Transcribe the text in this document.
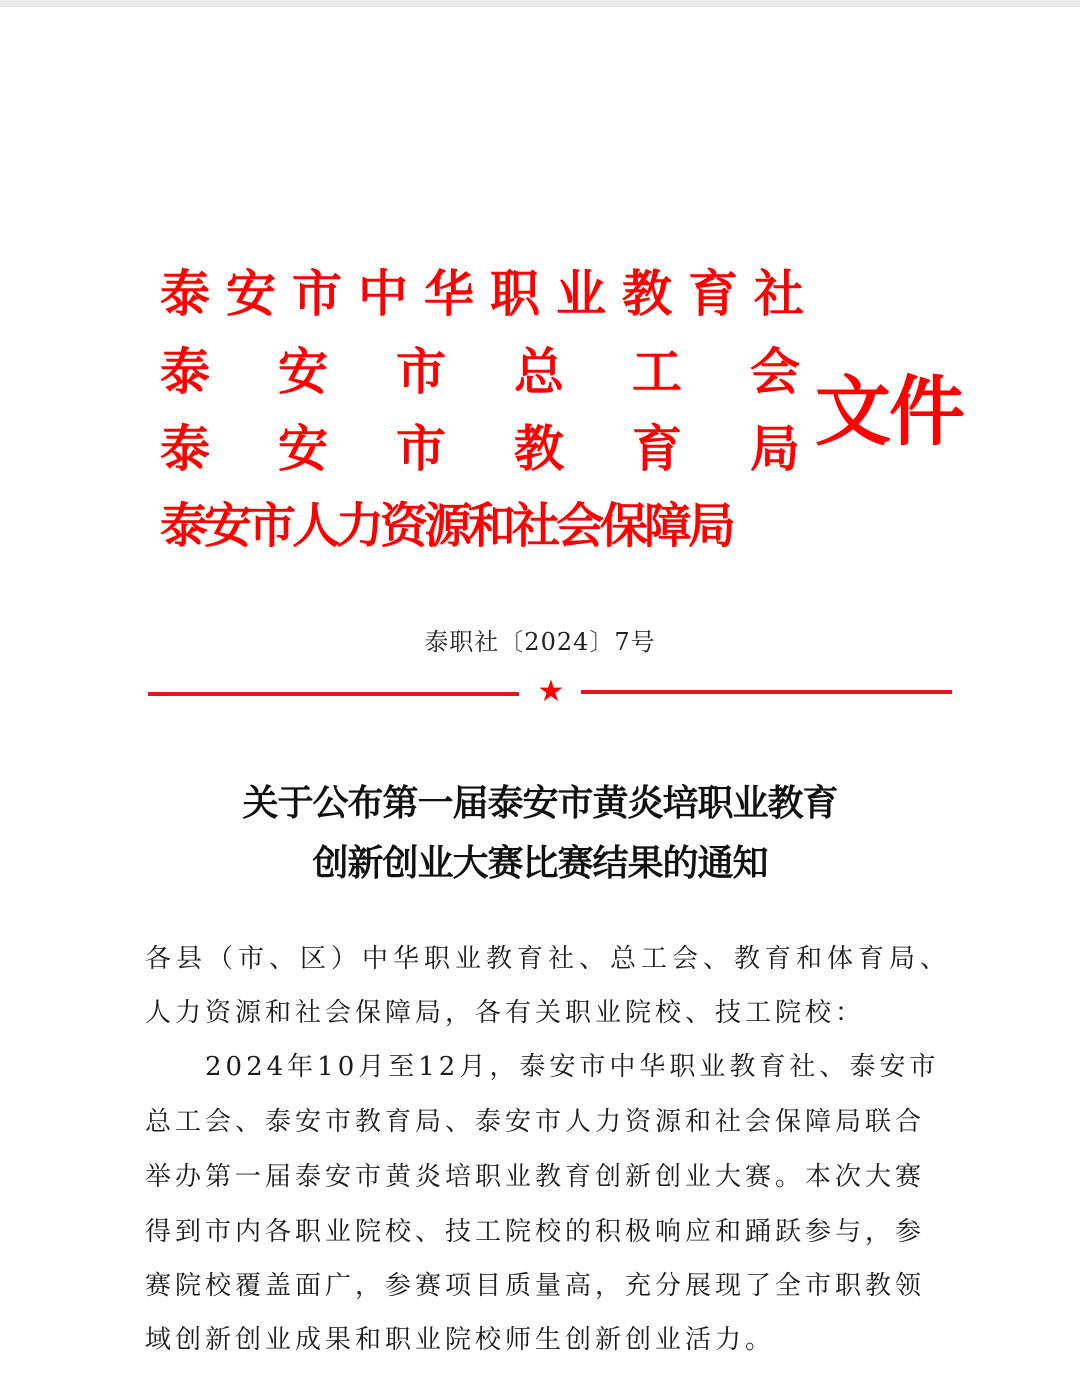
泰安市中华职业教育社
泰安市总工会
泰安市教育局
泰安市人力资源和社会保障局
文件
泰职社〔2024〕7号
★
关于公布第一届泰安市黄炎培职业教育
创新创业大赛比赛结果的通知
各县（市、区）中华职业教育社、总工会、教育和体育局、
人力资源和社会保障局，各有关职业院校、技工院校：
2024年10月至12月，泰安市中华职业教育社、泰安市
总工会、泰安市教育局、泰安市人力资源和社会保障局联合
举办第一届泰安市黄炎培职业教育创新创业大赛。本次大赛
得到市内各职业院校、技工院校的积极响应和踊跃参与，参
赛院校覆盖面广，参赛项目质量高，充分展现了全市职教领
域创新创业成果和职业院校师生创新创业活力。
